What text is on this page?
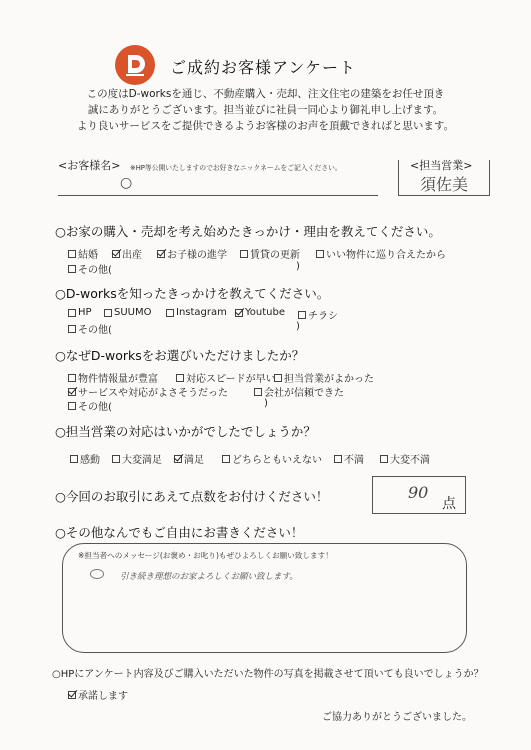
ご成約お客様アンケート
この度はD-worksを通じ、不動産購入・売却、注文住宅の建築をお任せ頂き
誠にありがとうございます。担当並びに社員一同心より御礼申し上げます。
より良いサービスをご提供できるようお客様のお声を頂戴できればと思います。
<お客様名> ※HP等公開いたしますのでお好きなニックネームをご記入ください。
○
<担当営業>
須佐美
○お家の購入・売却を考え始めたきっかけ・理由を教えてください。
結婚 出産	お子様の進学 賃貸の更新	いい物件に巡り合えたから
その他(	)
○D-worksを知ったきっかけを教えてください。
HP SUUMO Instagram Youtube チラシ
その他(	)
○なぜD-worksをお選びいただけましたか？
物件情報量が豊富	対応スピードが早い 担当営業がよかった
サービスや対応がよさそうだった	会社が信頼できた
その他(	)
○担当営業の対応はいかがでしたでしょうか？
感動 大変満足 満足	どちらともいえない 不満	大変不満
○今回のお取引にあえて点数をお付けください！	90
点
○その他なんでもご自由にお書きください！
※担当者へのメッセージ(お褒め・お叱り)もぜひよろしくお願い致します！
引き続き理想のお家よろしくお願い致します。
○HPにアンケート内容及びご購入いただいた物件の写真を掲載させて頂いても良いでしょうか？
承諾します
ご協力ありがとうございました。
